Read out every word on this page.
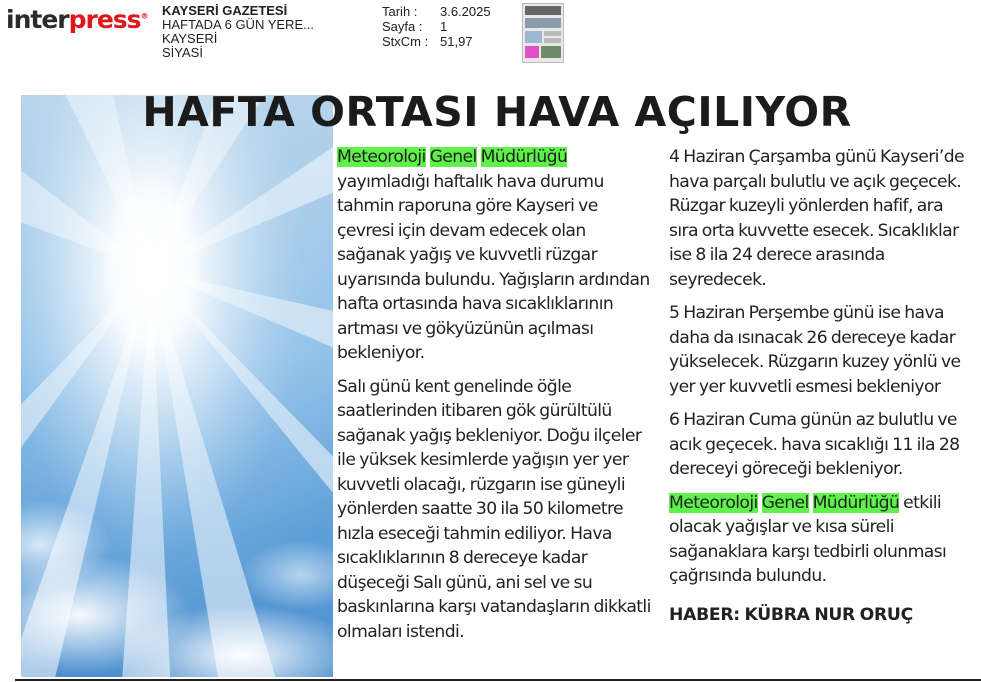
interpress® KAYSERİ GAZETESİ
HAFTADA 6 GÜN YERE...
KAYSERİ
SİYASİ
Tarih :	3.6.2025
Sayfa :	1
StxCm : 51,97
HAFTA ORTASI HAVA AÇILIYOR

Meteoroloji Genel Müdürlüğü yayımladığı haftalık hava durumu tahmin raporuna göre Kayseri ve çevresi için devam edecek olan sağanak yağış ve kuvvetli rüzgar uyarısında bulundu. Yağışların ardından hafta ortasında hava sıcaklıklarının artması ve gökyüzünün açılması bekleniyor.

Salı günü kent genelinde öğle saatlerinden itibaren gök gürültülü sağanak yağış bekleniyor. Doğu ilçeler ile yüksek kesimlerde yağışın yer yer kuvvetli olacağı, rüzgarın ise güneyli yönlerden saatte 30 ila 50 kilometre hızla eseceği tahmin ediliyor. Hava sıcaklıklarının 8 dereceye kadar düşeceği Salı günü, ani sel ve su baskınlarına karşı vatandaşların dikkatli olmaları istendi.

4 Haziran Çarşamba günü Kayseri’de hava parçalı bulutlu ve açık geçecek. Rüzgar kuzeyli yönlerden hafif, ara sıra orta kuvvette esecek. Sıcaklıklar ise 8 ila 24 derece arasında seyredecek.

5 Haziran Perşembe günü ise hava daha da ısınacak 26 dereceye kadar yükselecek. Rüzgarın kuzey yönlü ve yer yer kuvvetli esmesi bekleniyor

6 Haziran Cuma günün az bulutlu ve acık geçecek. hava sıcaklığı 11 ila 28 dereceyi göreceği bekleniyor.

Meteoroloji Genel Müdürlüğü etkili olacak yağışlar ve kısa süreli sağanaklara karşı tedbirli olunması çağrısında bulundu.

HABER: KÜBRA NUR ORUÇ
